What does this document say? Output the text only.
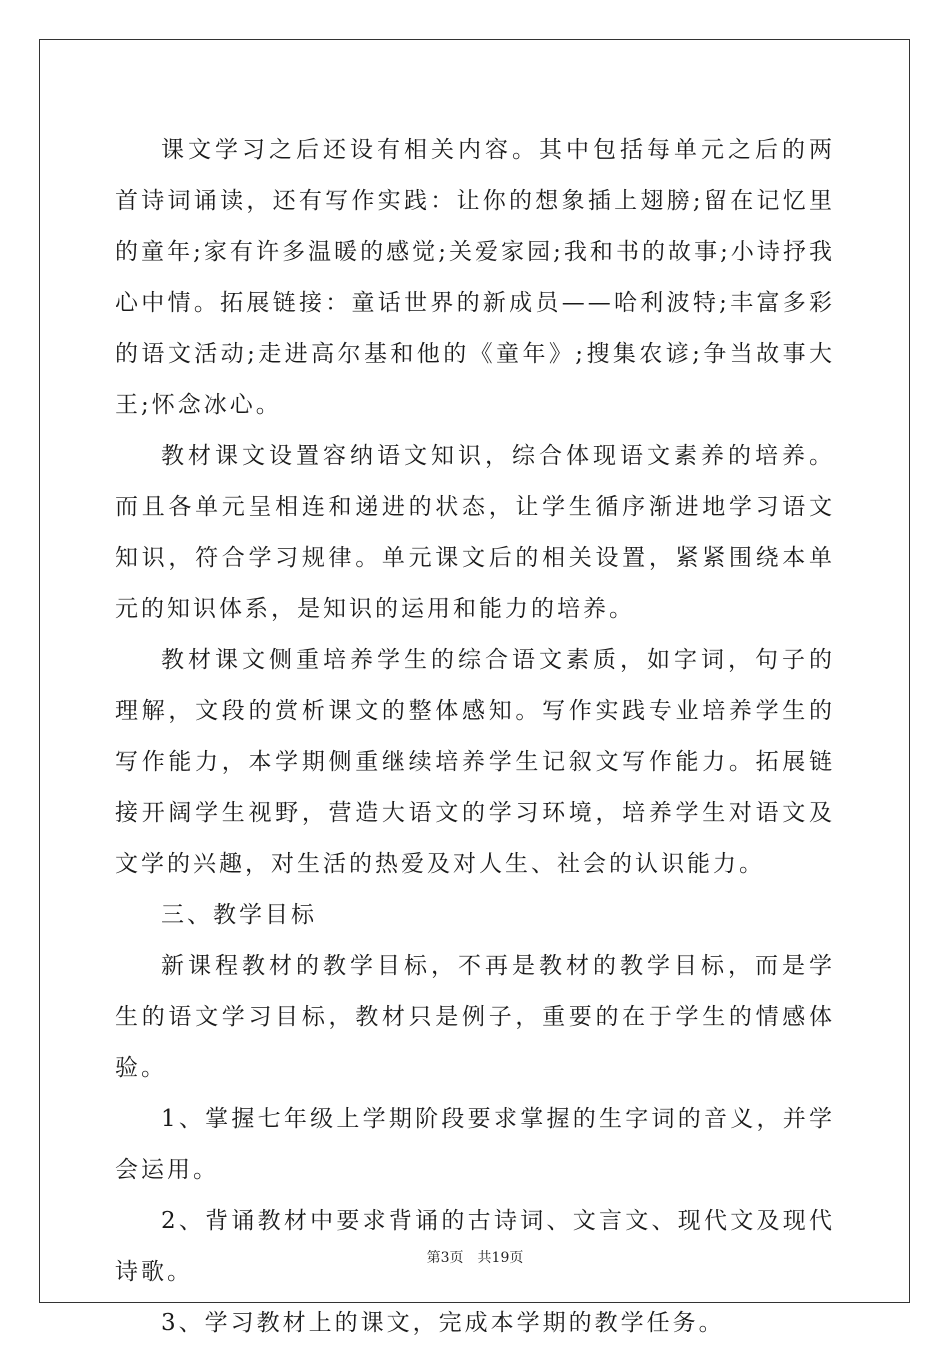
课文学习之后还设有相关内容。其中包括每单元之后的两首诗词诵读，还有写作实践：让你的想象插上翅膀;留在记忆里的童年;家有许多温暖的感觉;关爱家园;我和书的故事;小诗抒我心中情。拓展链接：童话世界的新成员——哈利波特;丰富多彩的语文活动;走进高尔基和他的《童年》;搜集农谚;争当故事大王;怀念冰心。

教材课文设置容纳语文知识，综合体现语文素养的培养。而且各单元呈相连和递进的状态，让学生循序渐进地学习语文知识，符合学习规律。单元课文后的相关设置，紧紧围绕本单元的知识体系，是知识的运用和能力的培养。

教材课文侧重培养学生的综合语文素质，如字词，句子的理解，文段的赏析课文的整体感知。写作实践专业培养学生的写作能力，本学期侧重继续培养学生记叙文写作能力。拓展链接开阔学生视野，营造大语文的学习环境，培养学生对语文及文学的兴趣，对生活的热爱及对人生、社会的认识能力。

三、教学目标

新课程教材的教学目标，不再是教材的教学目标，而是学生的语文学习目标，教材只是例子，重要的在于学生的情感体验。

1、掌握七年级上学期阶段要求掌握的生字词的音义，并学会运用。

2、背诵教材中要求背诵的古诗词、文言文、现代文及现代诗歌。

3、学习教材上的课文，完成本学期的教学任务。

第3页 共19页
